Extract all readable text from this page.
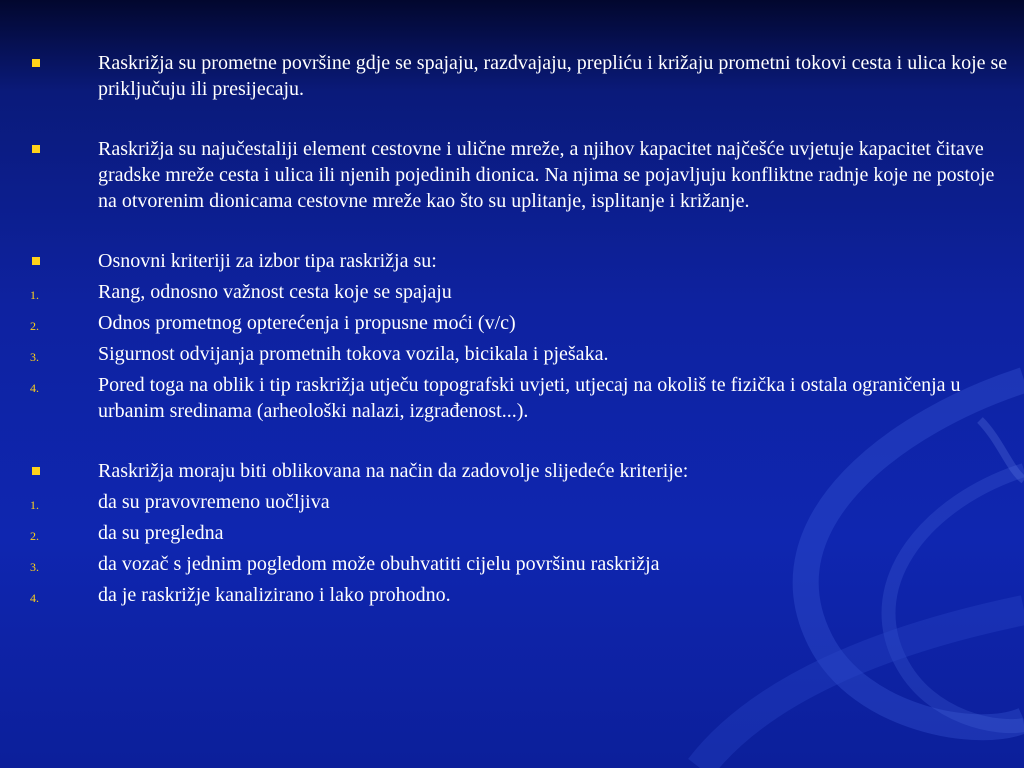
Raskrižja su prometne površine gdje se spajaju, razdvajaju, prepliću i križaju prometni tokovi cesta i ulica koje se priključuju ili presijecaju.
Raskrižja su najučestaliji element cestovne i ulične mreže, a njihov kapacitet najčešće uvjetuje kapacitet čitave gradske mreže cesta i ulica ili njenih pojedinih dionica. Na njima se pojavljuju konfliktne radnje koje ne postoje na otvorenim dionicama cestovne mreže kao što su uplitanje, isplitanje i križanje.
Osnovni kriteriji za izbor tipa raskrižja su:
1.	Rang, odnosno važnost cesta koje se spajaju
2.	Odnos prometnog opterećenja i propusne moći (v/c)
3.	Sigurnost odvijanja prometnih tokova vozila, bicikala i pješaka.
4.	Pored toga na oblik i tip raskrižja utječu topografski uvjeti, utjecaj na okoliš te fizička i ostala ograničenja u urbanim sredinama (arheološki nalazi, izgrađenost...).
Raskrižja moraju biti oblikovana na način da zadovolje slijedeće kriterije:
1.	da su pravovremeno uočljiva
2.	da su pregledna
3.	da vozač s jednim pogledom može obuhvatiti cijelu površinu raskrižja
4.	da je raskrižje kanalizirano i lako prohodno.
